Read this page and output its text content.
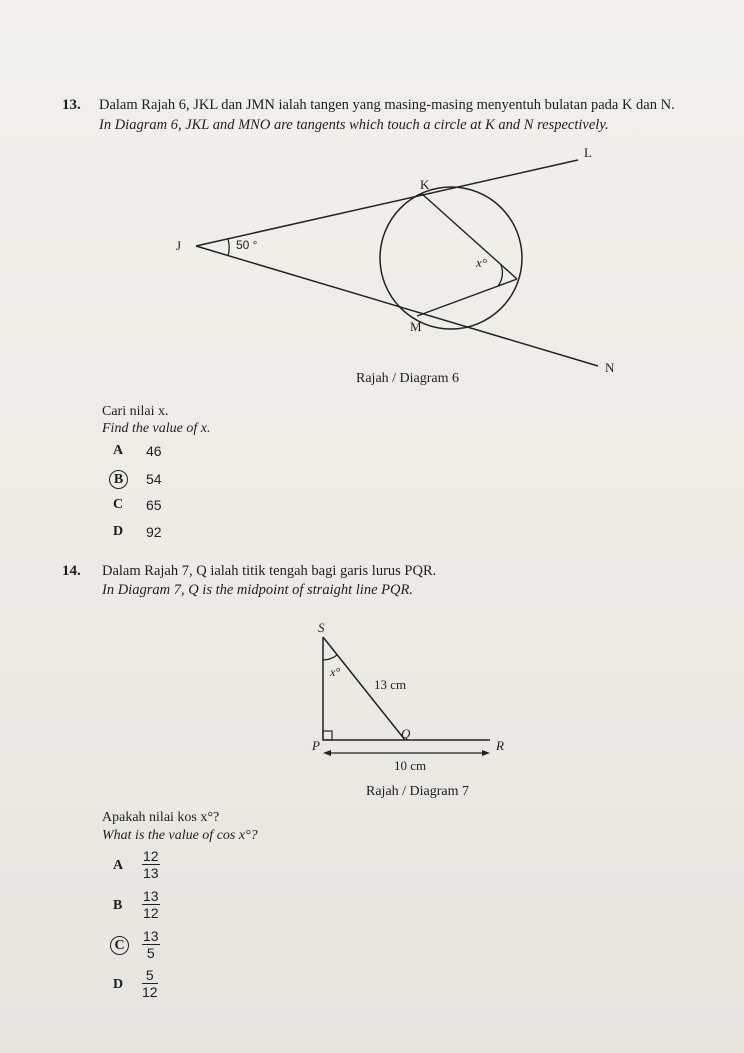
13. Dalam Rajah 6, JKL dan JMN ialah tangen yang masing-masing menyentuh bulatan pada K dan N.
In Diagram 6, JKL and MNO are tangents which touch a circle at K and N respectively.
L
K
J	50 °
x°
M
N
Rajah / Diagram 6
Cari nilai x.
Find the value of x.
A 46
B	54
C 65
D 92
14. Dalam Rajah 7, Q ialah titik tengah bagi garis lurus PQR.
In Diagram 7, Q is the midpoint of straight line PQR.
S
x°
13 cm
Q
P	R
10 cm
Rajah / Diagram 7
Apakah nilai kos x°?
What is the value of cos x°?
A $\frac{12}{13}$
B $\frac{13}{12}$
C	$\frac{13}{5}$
D $\frac{5}{12}$
